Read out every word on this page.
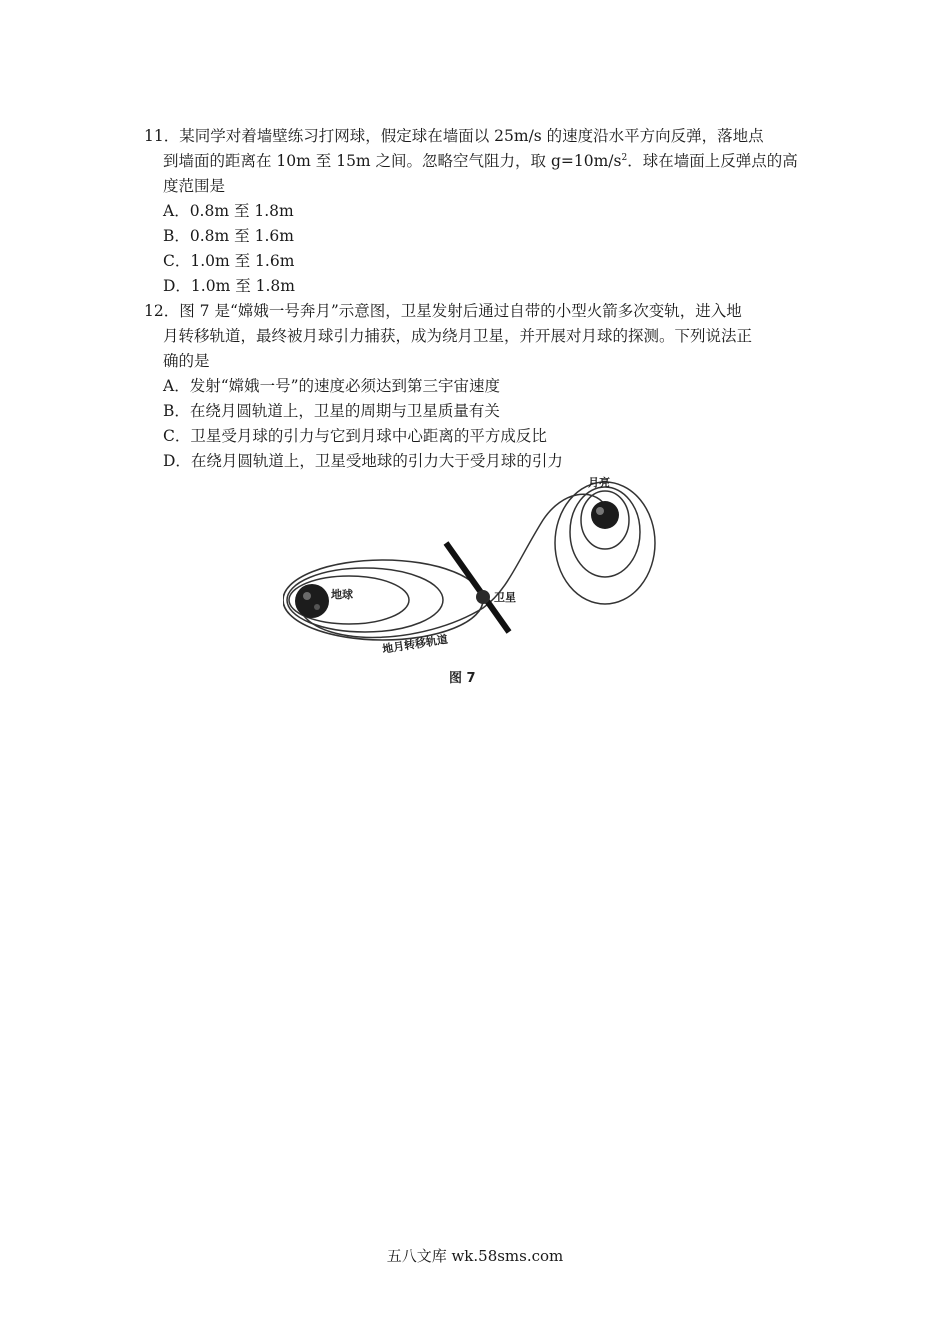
11．某同学对着墙壁练习打网球，假定球在墙面以 25m/s 的速度沿水平方向反弹，落地点
到墙面的距离在 10m 至 15m 之间。忽略空气阻力，取 $g=10m/s^2$．球在墙面上反弹点的高
度范围是
A．0.8m 至 1.8m
B．0.8m 至 1.6m
C．1.0m 至 1.6m
D．1.0m 至 1.8m
12．图 7 是“嫦娥一号奔月”示意图，卫星发射后通过自带的小型火箭多次变轨，进入地
月转移轨道，最终被月球引力捕获，成为绕月卫星，并开展对月球的探测。下列说法正
确的是
A．发射“嫦娥一号”的速度必须达到第三宇宙速度
B．在绕月圆轨道上，卫星的周期与卫星质量有关
C．卫星受月球的引力与它到月球中心距离的平方成反比
D．在绕月圆轨道上，卫星受地球的引力大于受月球的引力
地球
月亮
卫星
地月转移轨道
图 7
五八文库 wk.58sms.com
